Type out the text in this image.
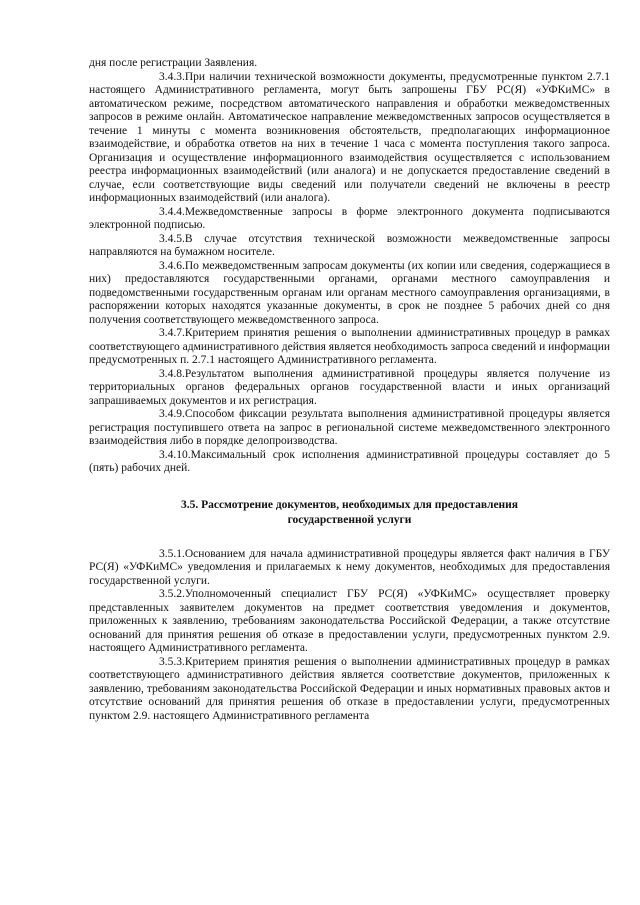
дня после регистрации Заявления.

3.4.3.При наличии технической возможности документы, предусмотренные пунктом 2.7.1 настоящего Административного регламента, могут быть запрошены ГБУ РС(Я) «УФКиМС» в автоматическом режиме, посредством автоматического направления и обработки межведомственных запросов в режиме онлайн. Автоматическое направление межведомственных запросов осуществляется в течение 1 минуты с момента возникновения обстоятельств, предполагающих информационное взаимодействие, и обработка ответов на них в течение 1 часа с момента поступления такого запроса. Организация и осуществление информационного взаимодействия осуществляется с использованием реестра информационных взаимодействий (или аналога) и не допускается предоставление сведений в случае, если соответствующие виды сведений или получатели сведений не включены в реестр информационных взаимодействий (или аналога).

3.4.4.Межведомственные запросы в форме электронного документа подписываются электронной подписью.

3.4.5.В случае отсутствия технической возможности межведомственные запросы направляются на бумажном носителе.

3.4.6.По межведомственным запросам документы (их копии или сведения, содержащиеся в них) предоставляются государственными органами, органами местного самоуправления и подведомственными государственным органам или органам местного самоуправления организациями, в распоряжении которых находятся указанные документы, в срок не позднее 5 рабочих дней со дня получения соответствующего межведомственного запроса.

3.4.7.Критерием принятия решения о выполнении административных процедур в рамках соответствующего административного действия является необходимость запроса сведений и информации предусмотренных п. 2.7.1 настоящего Административного регламента.

3.4.8.Результатом выполнения административной процедуры является получение из территориальных органов федеральных органов государственной власти и иных организаций запрашиваемых документов и их регистрация.

3.4.9.Способом фиксации результата выполнения административной процедуры является регистрация поступившего ответа на запрос в региональной системе межведомственного электронного взаимодействия либо в порядке делопроизводства.

3.4.10.Максимальный срок исполнения административной процедуры составляет до 5 (пять) рабочих дней.

3.5. Рассмотрение документов, необходимых для предоставления
государственной услуги

3.5.1.Основанием для начала административной процедуры является факт наличия в ГБУ РС(Я) «УФКиМС» уведомления и прилагаемых к нему документов, необходимых для предоставления государственной услуги.

3.5.2.Уполномоченный специалист ГБУ РС(Я) «УФКиМС» осуществляет проверку представленных заявителем документов на предмет соответствия уведомления и документов, приложенных к заявлению, требованиям законодательства Российской Федерации, а также отсутствие оснований для принятия решения об отказе в предоставлении услуги, предусмотренных пунктом 2.9. настоящего Административного регламента.

3.5.3.Критерием принятия решения о выполнении административных процедур в рамках соответствующего административного действия является соответствие документов, приложенных к заявлению, требованиям законодательства Российской Федерации и иных нормативных правовых актов и отсутствие оснований для принятия решения об отказе в предоставлении услуги, предусмотренных пунктом 2.9. настоящего Административного регламента
